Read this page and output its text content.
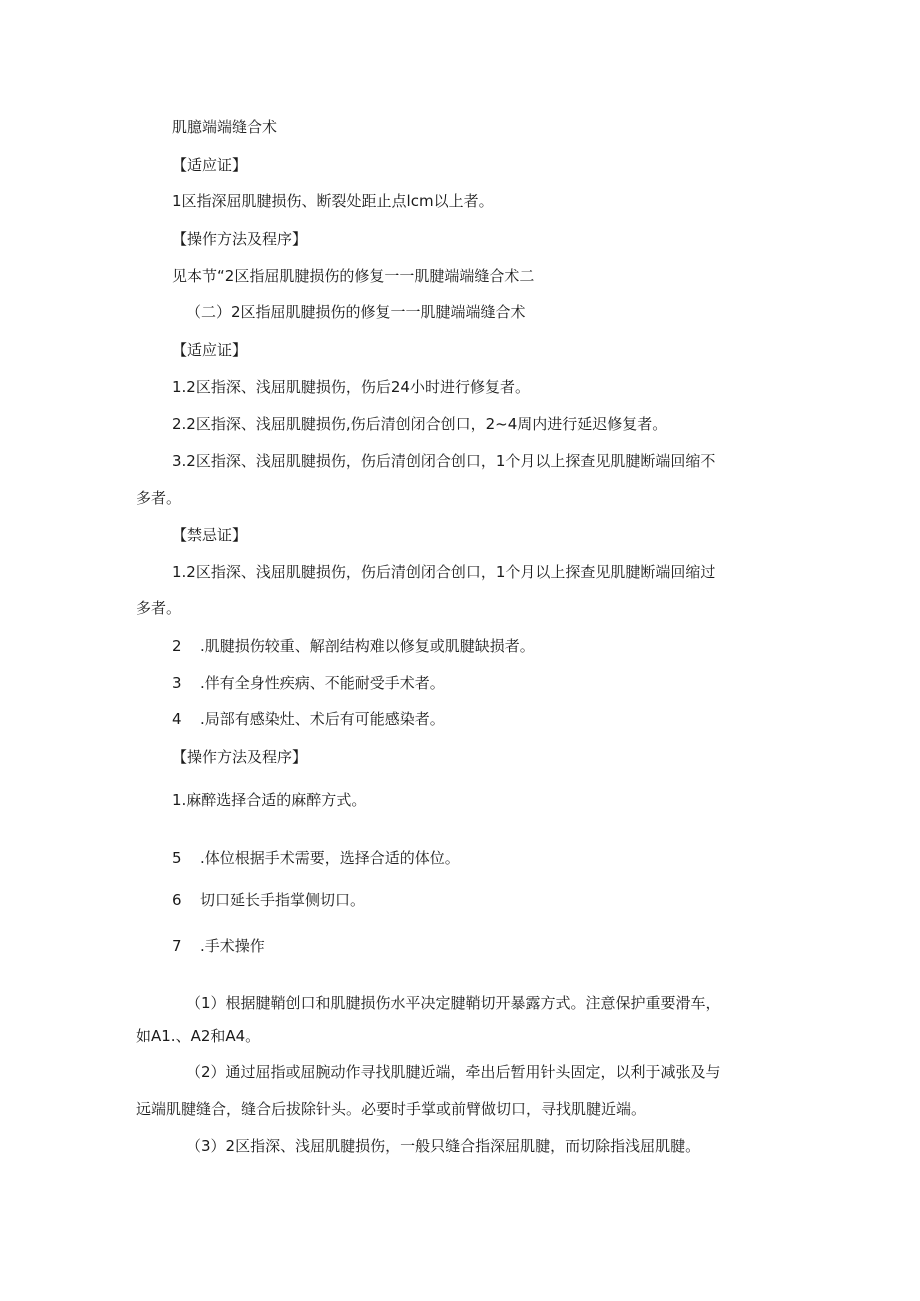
肌臆端端缝合术

【适应证】

1区指深屈肌腱损伤、断裂处距止点lcm以上者。

【操作方法及程序】

见本节“2区指屈肌腱损伤的修复一一肌腱端端缝合术二

（二）2区指屈肌腱损伤的修复一一肌腱端端缝合术

【适应证】

1.2区指深、浅屈肌腱损伤，伤后24小时进行修复者。

2.2区指深、浅屈肌腱损伤,伤后清创闭合创口，2~4周内进行延迟修复者。

3.2区指深、浅屈肌腱损伤，伤后清创闭合创口，1个月以上探查见肌腱断端回缩不

多者。

【禁忌证】

1.2区指深、浅屈肌腱损伤，伤后清创闭合创口，1个月以上探查见肌腱断端回缩过

多者。

2 .肌腱损伤较重、解剖结构难以修复或肌腱缺损者。

3 .伴有全身性疾病、不能耐受手术者。

4 .局部有感染灶、术后有可能感染者。

【操作方法及程序】

1.麻醉选择合适的麻醉方式。

5 .体位根据手术需要，选择合适的体位。

6 切口延长手指掌侧切口。

7 .手术操作

（1）根据腱鞘创口和肌腱损伤水平决定腱鞘切开暴露方式。注意保护重要滑车，

如A1.、A2和A4。

（2）通过屈指或屈腕动作寻找肌腱近端，牵出后暂用针头固定，以利于减张及与

远端肌腱缝合，缝合后拔除针头。必要时手掌或前臂做切口，寻找肌腱近端。

（3）2区指深、浅屈肌腱损伤，一般只缝合指深屈肌腱，而切除指浅屈肌腱。
